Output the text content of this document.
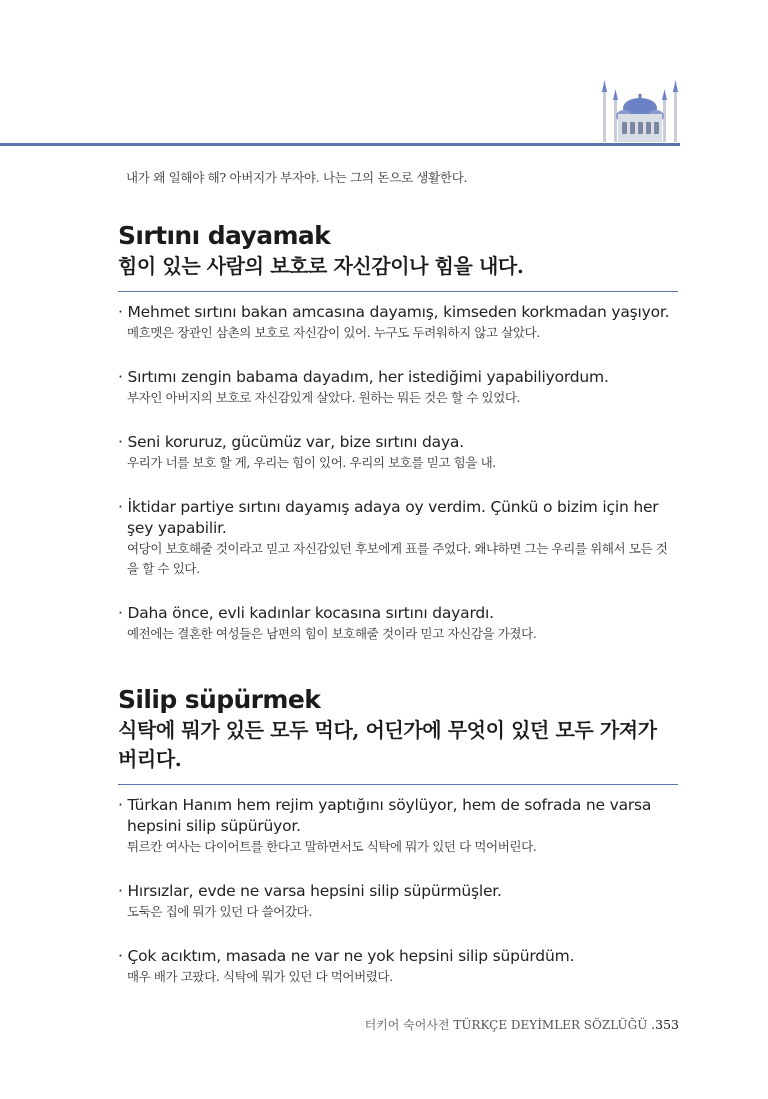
내가 왜 일해야 해? 아버지가 부자야. 나는 그의 돈으로 생활한다.

Sırtını dayamak
힘이 있는 사람의 보호로 자신감이나 힘을 내다.
· Mehmet sırtını bakan amcasına dayamış, kimseden korkmadan yaşıyor.
메흐멧은 장관인 삼촌의 보호로 자신감이 있어. 누구도 두려워하지 않고 살았다.
· Sırtımı zengin babama dayadım, her istediğimi yapabiliyordum.
부자인 아버지의 보호로 자신감있게 살았다. 원하는 뭐든 것은 할 수 있었다.
· Seni koruruz, gücümüz var, bize sırtını daya.
우리가 너를 보호 할 게, 우리는 힘이 있어. 우리의 보호를 믿고 힘을 내.
· İktidar partiye sırtını dayamış adaya oy verdim. Çünkü o bizim için her şey yapabilir.
여당이 보호해줄 것이라고 믿고 자신감있던 후보에게 표를 주었다. 왜냐하면 그는 우리를 위해서 모든 것을 할 수 있다.
· Daha önce, evli kadınlar kocasına sırtını dayardı.
예전에는 결혼한 여성들은 남편의 힘이 보호해줄 것이라 믿고 자신감을 가졌다.
Silip süpürmek
식탁에 뭐가 있든 모두 먹다, 어딘가에 무엇이 있던 모두 가져가 버리다.
· Türkan Hanım hem rejim yaptığını söylüyor, hem de sofrada ne varsa hepsini silip süpürüyor.
튀르칸 여사는 다이어트를 한다고 말하면서도 식탁에 뭐가 있던 다 먹어버린다.
· Hırsızlar, evde ne varsa hepsini silip süpürmüşler.
도둑은 집에 뭐가 있던 다 쓸어갔다.
· Çok acıktım, masada ne var ne yok hepsini silip süpürdüm.
매우 배가 고팠다. 식탁에 뭐가 있던 다 먹어버렸다.
터키어 숙어사전 TÜRKÇE DEYİMLER SÖZLÜĞÜ .353
